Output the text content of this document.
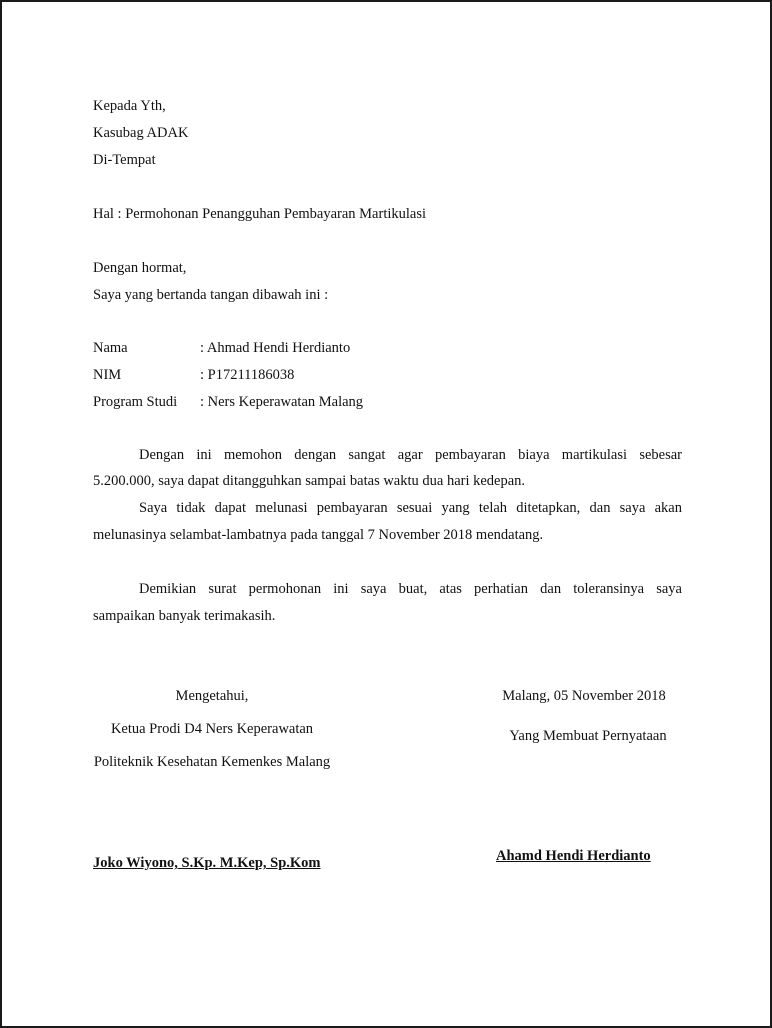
Kepada Yth,
Kasubag ADAK
Di-Tempat
Hal : Permohonan Penangguhan Pembayaran Martikulasi
Dengan hormat,
Saya yang bertanda tangan dibawah ini :
Nama	: Ahmad Hendi Herdianto
NIM	: P17211186038
Program Studi : Ners Keperawatan Malang
Dengan ini memohon dengan sangat agar pembayaran biaya martikulasi sebesar
5.200.000, saya dapat ditangguhkan sampai batas waktu dua hari kedepan.
Saya tidak dapat melunasi pembayaran sesuai yang telah ditetapkan, dan saya akan
melunasinya selambat-lambatnya pada tanggal 7 November 2018 mendatang.
Demikian surat permohonan ini saya buat, atas perhatian dan toleransinya saya
sampaikan banyak terimakasih.
Mengetahui,
Ketua Prodi D4 Ners Keperawatan
Politeknik Kesehatan Kemenkes Malang
Joko Wiyono, S.Kp. M.Kep, Sp.Kom
Malang, 05 November 2018
Yang Membuat Pernyataan
Ahamd Hendi Herdianto
